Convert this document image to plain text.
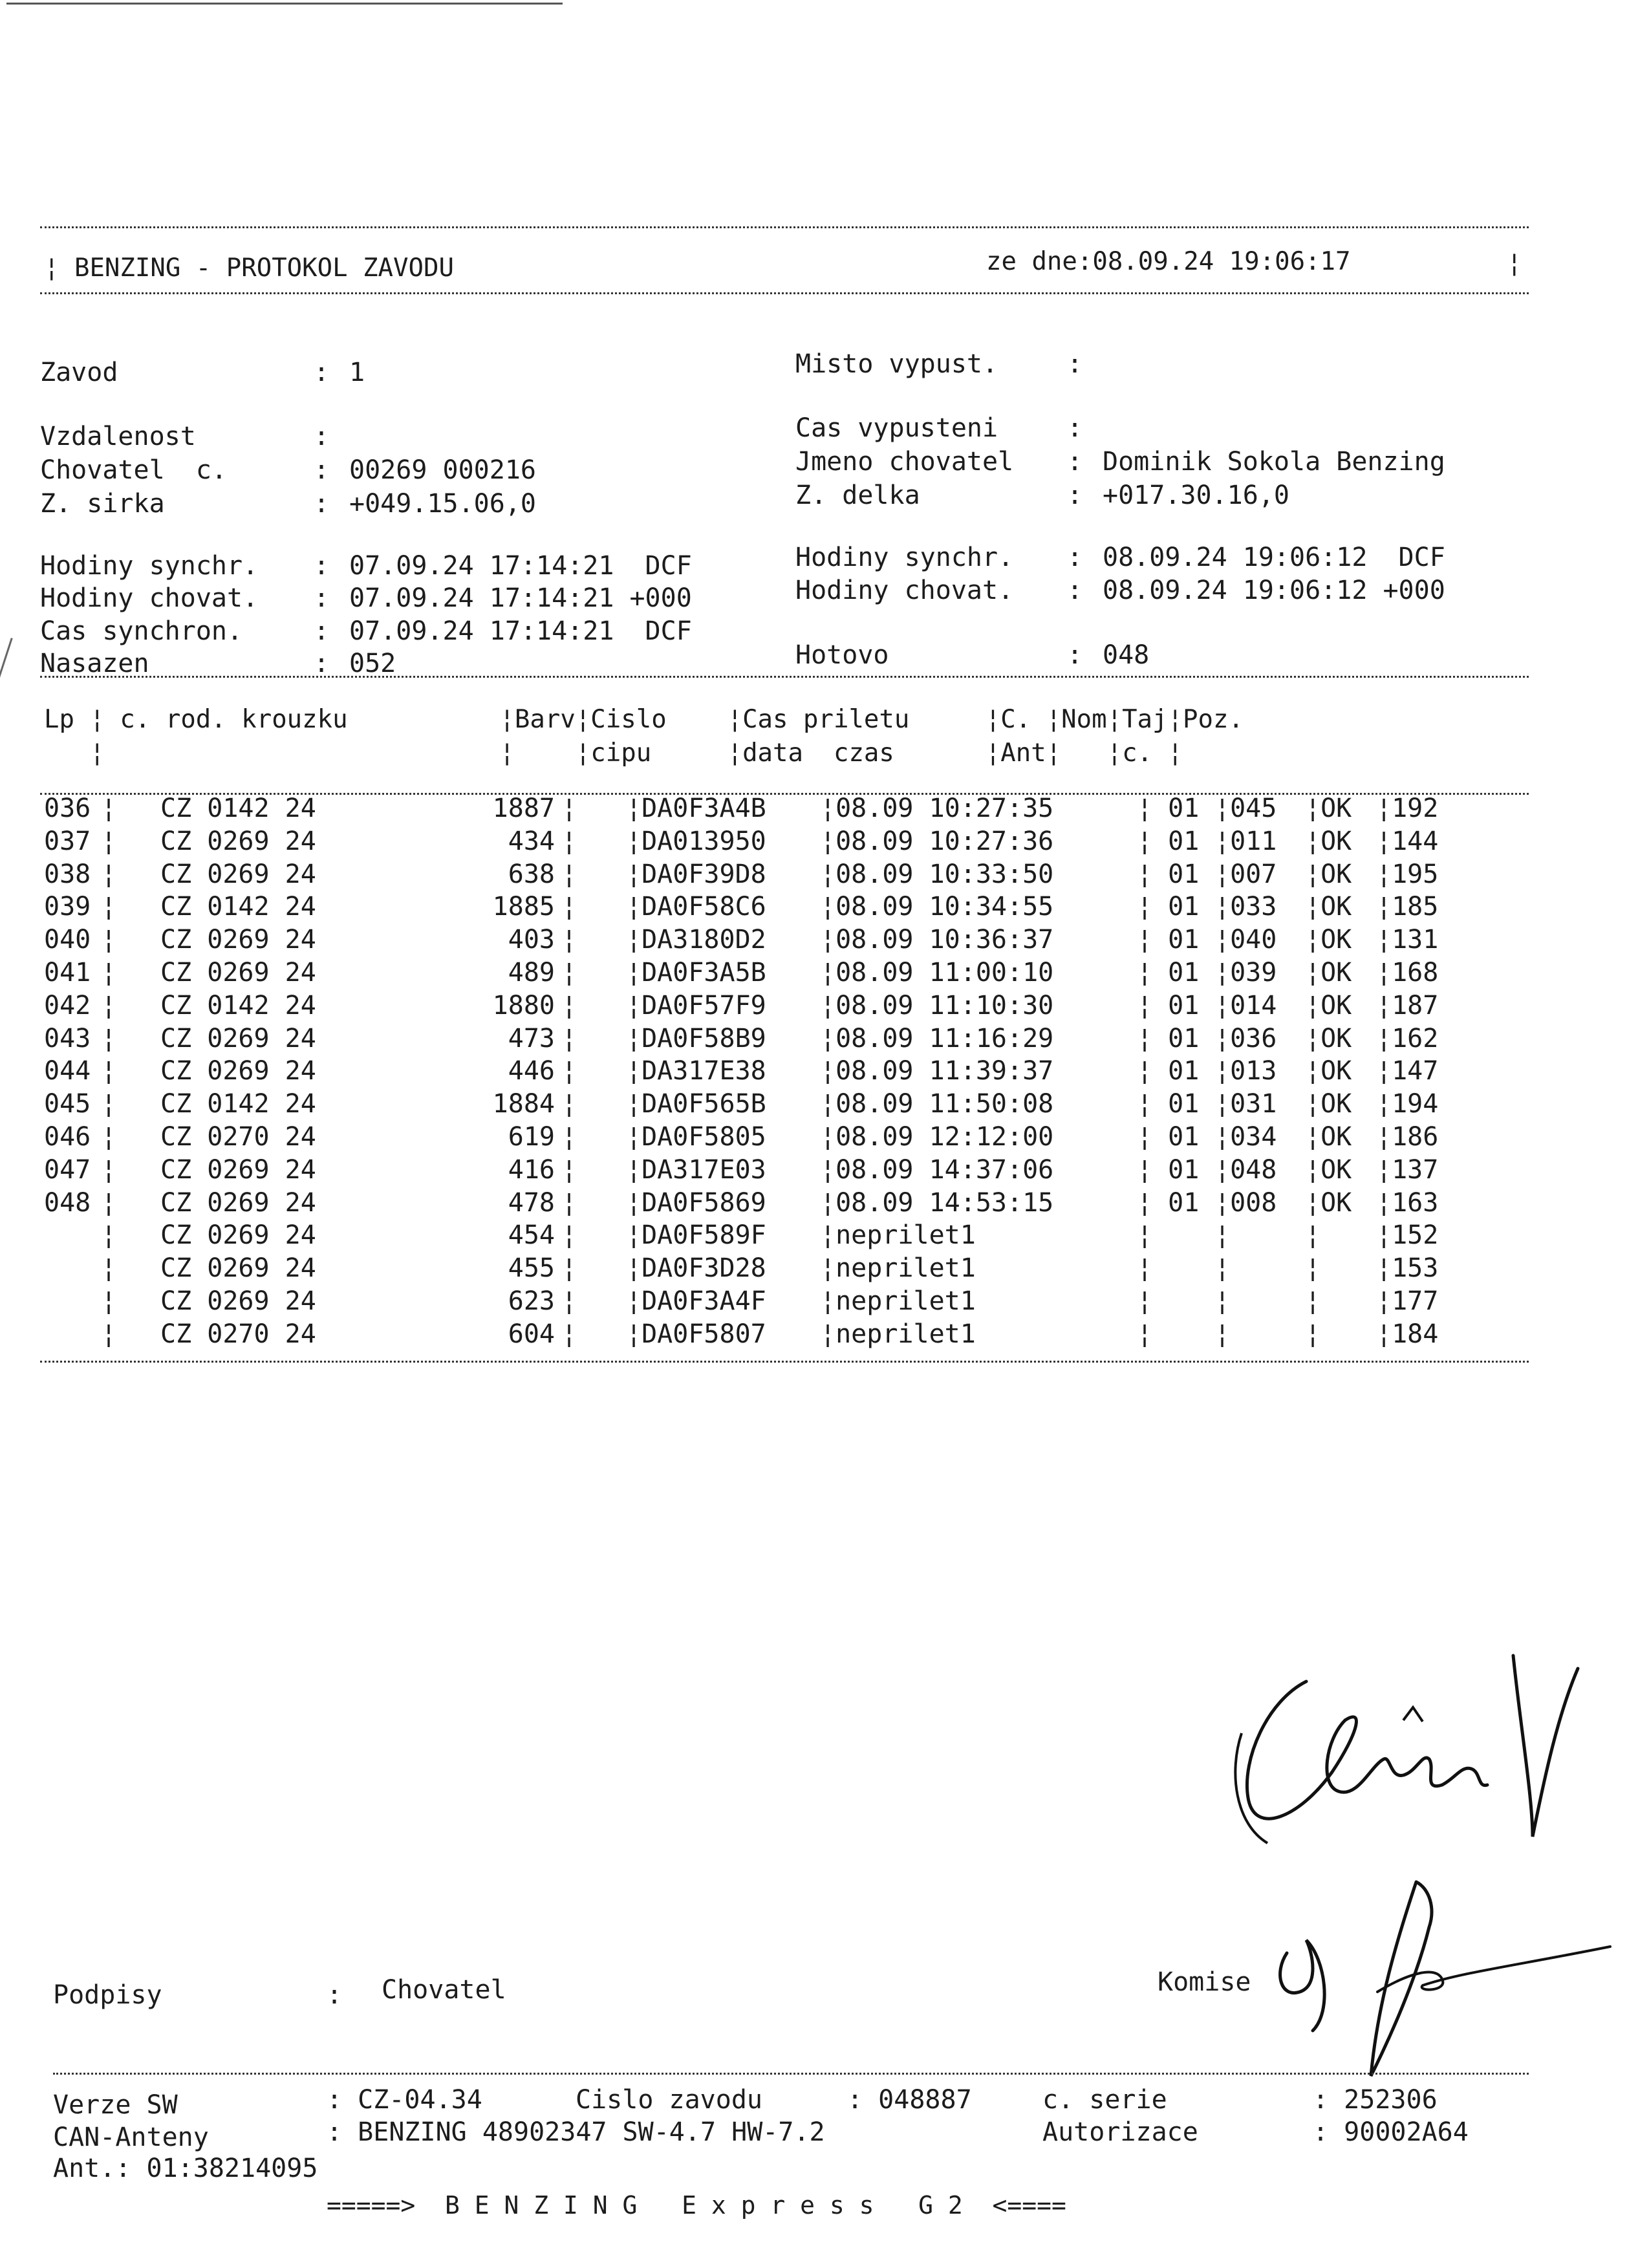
¦ BENZING - PROTOKOL ZAVODU	ze dne:08.09.24 19:06:17	¦
Zavod	: 1
Vzdalenost	:
Chovatel  c.	: 00269 000216
Z. sirka	: +049.15.06,0
Misto vypust.	:
Cas vypusteni	:
Jmeno chovatel : Dominik Sokola Benzing
Z. delka	: +017.30.16,0
Hodiny synchr. : 07.09.24 17:14:21  DCF
Hodiny chovat. : 07.09.24 17:14:21 +000
Cas synchron.	: 07.09.24 17:14:21  DCF
Nasazen	: 052
Hodiny synchr. : 08.09.24 19:06:12  DCF
Hodiny chovat. : 08.09.24 19:06:12 +000
Hotovo	: 048
Lp ¦ c. rod. krouzku          ¦Barv¦Cislo    ¦Cas priletu     ¦C. ¦Nom¦Taj¦Poz.
¦                          ¦    ¦cipu     ¦data  czas      ¦Ant¦   ¦c. ¦
036	CZ 0142 24	1887	¦DA0F3A4B ¦08.09 10:27:35	¦ 01 ¦045 ¦OK ¦192
¦	¦
037	CZ 0269 24	434	¦DA013950 ¦08.09 10:27:36	¦ 01 ¦011 ¦OK ¦144
¦	¦
038	CZ 0269 24	638	¦DA0F39D8 ¦08.09 10:33:50	¦ 01 ¦007 ¦OK ¦195
¦	¦
039	CZ 0142 24	1885	¦DA0F58C6 ¦08.09 10:34:55	¦ 01 ¦033 ¦OK ¦185
¦	¦
040	CZ 0269 24	403	¦DA3180D2 ¦08.09 10:36:37	¦ 01 ¦040 ¦OK ¦131
¦	¦
041	CZ 0269 24	489	¦DA0F3A5B ¦08.09 11:00:10	¦ 01 ¦039 ¦OK ¦168
¦	¦
042	CZ 0142 24	1880	¦DA0F57F9 ¦08.09 11:10:30	¦ 01 ¦014 ¦OK ¦187
¦	¦
043	CZ 0269 24	473	¦DA0F58B9 ¦08.09 11:16:29	¦ 01 ¦036 ¦OK ¦162
¦	¦
044	CZ 0269 24	446	¦DA317E38 ¦08.09 11:39:37	¦ 01 ¦013 ¦OK ¦147
¦	¦
045	CZ 0142 24	1884	¦DA0F565B ¦08.09 11:50:08	¦ 01 ¦031 ¦OK ¦194
¦	¦
046	CZ 0270 24	619	¦DA0F5805 ¦08.09 12:12:00	¦ 01 ¦034 ¦OK ¦186
¦	¦
047	CZ 0269 24	416	¦DA317E03 ¦08.09 14:37:06	¦ 01 ¦048 ¦OK ¦137
¦	¦
048	CZ 0269 24	478	¦DA0F5869 ¦08.09 14:53:15	¦ 01 ¦008 ¦OK ¦163
¦	¦
CZ 0269 24	454	¦DA0F589F ¦neprilet1	¦ ¦	¦ ¦152
¦	¦
CZ 0269 24	455	¦DA0F3D28 ¦neprilet1	¦ ¦	¦ ¦153
¦	¦
CZ 0269 24	623	¦DA0F3A4F ¦neprilet1	¦ ¦	¦ ¦177
¦	¦
CZ 0270 24	604	¦DA0F5807 ¦neprilet1	¦ ¦	¦ ¦184
¦	¦
Podpisy	: Chovatel	Komise
Verze SW	: CZ-04.34	Cislo zavodu	: 048887	c. serie	: 252306
CAN-Anteny	: BENZING 48902347 SW-4.7 HW-7.2	Autorizace	: 90002A64
Ant.: 01:38214095
=====>  B E N Z I N G   E x p r e s s   G 2  <====
